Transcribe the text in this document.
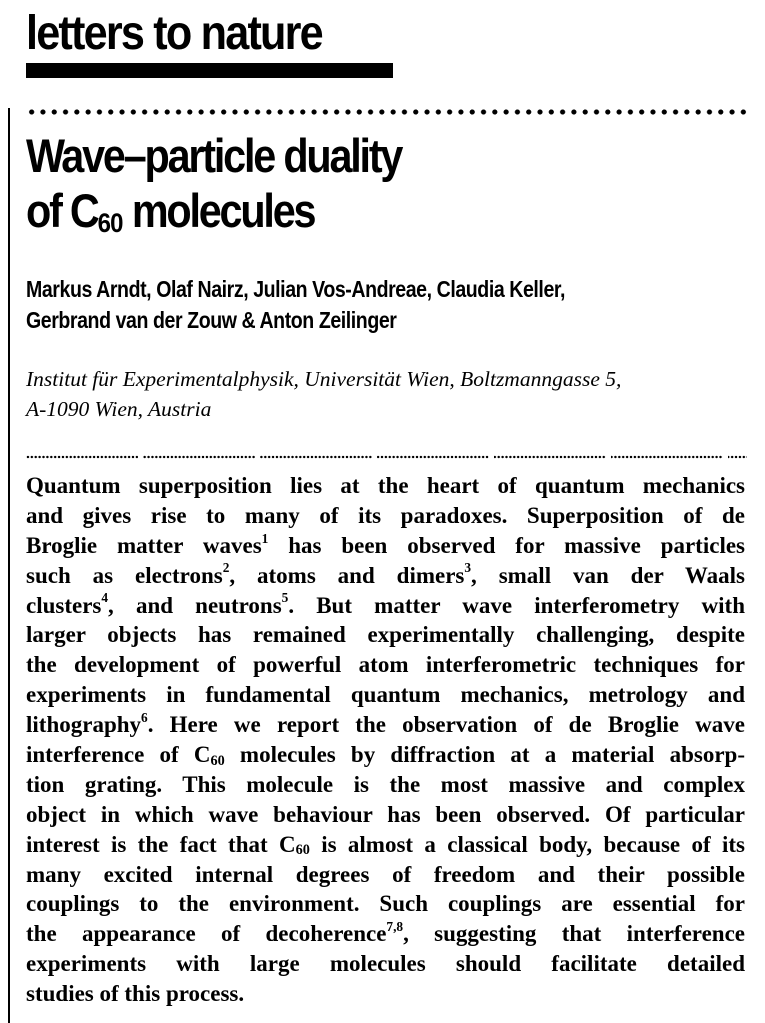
letters to nature
Wave–particle duality
of $C_{60}$ molecules
Markus Arndt, Olaf Nairz, Julian Vos-Andreae, Claudia Keller,
Gerbrand van der Zouw & Anton Zeilinger
Institut für Experimentalphysik, Universität Wien, Boltzmanngasse 5,
A-1090 Wien, Austria
Quantum superposition lies at the heart of quantum mechanics
and gives rise to many of its paradoxes. Superposition of de
Broglie matter waves$^1$ has been observed for massive particles
such as electrons$^2$, atoms and dimers$^3$, small van der Waals
clusters$^4$, and neutrons$^5$. But matter wave interferometry with
larger objects has remained experimentally challenging, despite
the development of powerful atom interferometric techniques for
experiments in fundamental quantum mechanics, metrology and
lithography$^6$. Here we report the observation of de Broglie wave
interference of $C_{60}$ molecules by diffraction at a material absorp-
tion grating. This molecule is the most massive and complex
object in which wave behaviour has been observed. Of particular
interest is the fact that $C_{60}$ is almost a classical body, because of its
many excited internal degrees of freedom and their possible
couplings to the environment. Such couplings are essential for
the appearance of decoherence$^{7,8}$, suggesting that interference
experiments with large molecules should facilitate detailed
studies of this process.
